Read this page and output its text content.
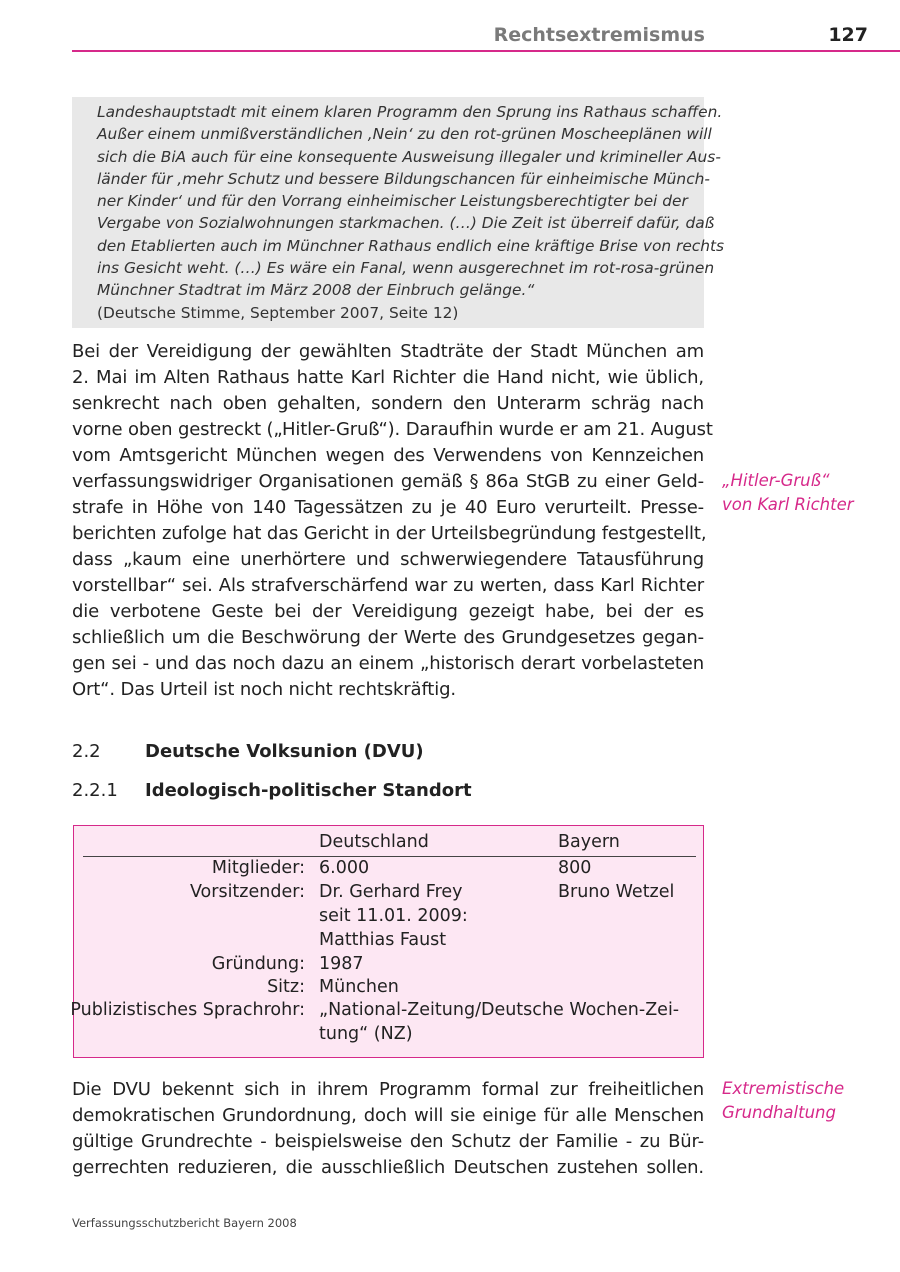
Rechtsextremismus	127
Landeshauptstadt mit einem klaren Programm den Sprung ins Rathaus schaffen.
Außer einem unmißverständlichen ‚Nein‘ zu den rot-grünen Moscheeplänen will
sich die BiA auch für eine konsequente Ausweisung illegaler und krimineller Aus-
länder für ‚mehr Schutz und bessere Bildungschancen für einheimische Münch-
ner Kinder‘ und für den Vorrang einheimischer Leistungsberechtigter bei der
Vergabe von Sozialwohnungen starkmachen. (…) Die Zeit ist überreif dafür, daß
den Etablierten auch im Münchner Rathaus endlich eine kräftige Brise von rechts
ins Gesicht weht. (…) Es wäre ein Fanal, wenn ausgerechnet im rot-rosa-grünen
Münchner Stadtrat im März 2008 der Einbruch gelänge.“
(Deutsche Stimme, September 2007, Seite 12)
Bei der Vereidigung der gewählten Stadträte der Stadt München am
2. Mai im Alten Rathaus hatte Karl Richter die Hand nicht, wie üblich,
senkrecht nach oben gehalten, sondern den Unterarm schräg nach
vorne oben gestreckt („Hitler-Gruß“). Daraufhin wurde er am 21. August
vom Amtsgericht München wegen des Verwendens von Kennzeichen
verfassungswidriger Organisationen gemäß § 86a StGB zu einer Geld-
strafe in Höhe von 140 Tagessätzen zu je 40 Euro verurteilt. Presse-
berichten zufolge hat das Gericht in der Urteilsbegründung festgestellt,
dass „kaum eine unerhörtere und schwerwiegendere Tatausführung
vorstellbar“ sei. Als strafverschärfend war zu werten, dass Karl Richter
die verbotene Geste bei der Vereidigung gezeigt habe, bei der es
schließlich um die Beschwörung der Werte des Grundgesetzes gegan-
gen sei - und das noch dazu an einem „historisch derart vorbelasteten
Ort“. Das Urteil ist noch nicht rechtskräftig.
„Hitler-Gruß“
von Karl Richter
2.2 Deutsche Volksunion (DVU)
2.2.1 Ideologisch-politischer Standort
Deutschland	Bayern
Mitglieder: 6.000	800
Vorsitzender: Dr. Gerhard Frey	Bruno Wetzel
seit 11.01. 2009:
Matthias Faust
Gründung: 1987
Sitz: München
Publizistisches Sprachrohr: „National-Zeitung/Deutsche Wochen-Zei-
tung“ (NZ)
Die DVU bekennt sich in ihrem Programm formal zur freiheitlichen
demokratischen Grundordnung, doch will sie einige für alle Menschen
gültige Grundrechte - beispielsweise den Schutz der Familie - zu Bür-
gerrechten reduzieren, die ausschließlich Deutschen zustehen sollen.
Extremistische
Grundhaltung
Verfassungsschutzbericht Bayern 2008
